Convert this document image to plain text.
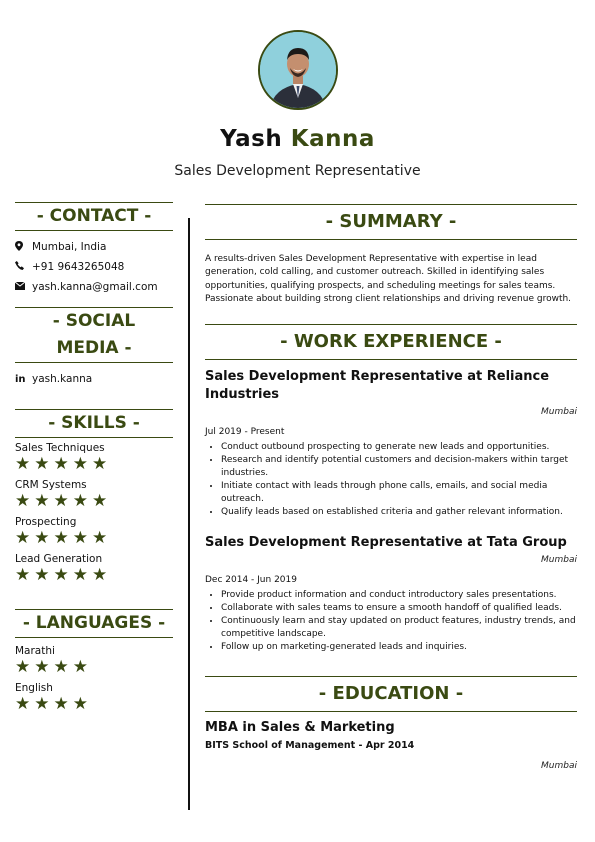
Yash Kanna
Sales Development Representative
- CONTACT -
Mumbai, India
+91 9643265048
yash.kanna@gmail.com
- SOCIAL
MEDIA -
in yash.kanna
- SKILLS -
Sales Techniques
★★★★★
CRM Systems
★★★★★
Prospecting
★★★★★
Lead Generation
★★★★★
- LANGUAGES -
Marathi
★★★★
English
★★★★
- SUMMARY -
A results-driven Sales Development Representative with expertise in lead generation, cold calling, and customer outreach. Skilled in identifying sales opportunities, qualifying prospects, and scheduling meetings for sales teams. Passionate about building strong client relationships and driving revenue growth.
- WORK EXPERIENCE -
Sales Development Representative at Reliance Industries
Mumbai
Jul 2019 - Present
• Conduct outbound prospecting to generate new leads and opportunities.
• Research and identify potential customers and decision-makers within target industries.
• Initiate contact with leads through phone calls, emails, and social media outreach.
• Qualify leads based on established criteria and gather relevant information.
Sales Development Representative at Tata Group
Mumbai
Dec 2014 - Jun 2019
• Provide product information and conduct introductory sales presentations.
• Collaborate with sales teams to ensure a smooth handoff of qualified leads.
• Continuously learn and stay updated on product features, industry trends, and competitive landscape.
• Follow up on marketing-generated leads and inquiries.
- EDUCATION -
MBA in Sales & Marketing
BITS School of Management - Apr 2014
Mumbai
